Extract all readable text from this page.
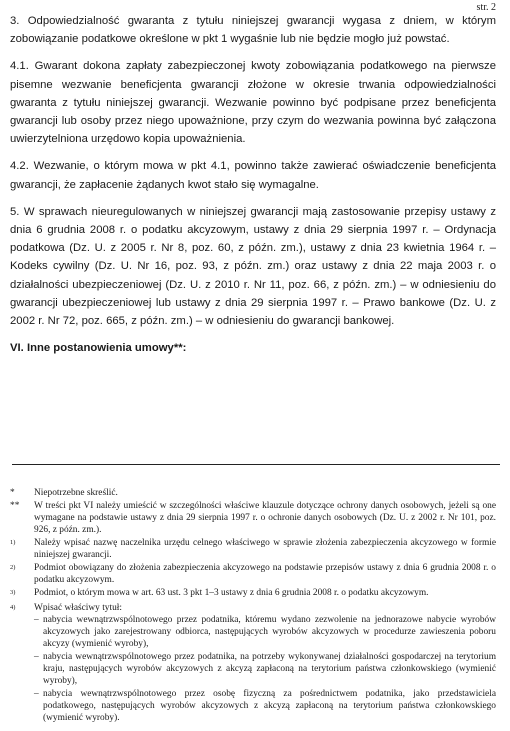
str. 2

3. Odpowiedzialność gwaranta z tytułu niniejszej gwarancji wygasa z dniem, w którym zobowiązanie podatkowe określone w pkt 1 wygaśnie lub nie będzie mogło już powstać.

4.1. Gwarant dokona zapłaty zabezpieczonej kwoty zobowiązania podatkowego na pierwsze pisemne wezwanie beneficjenta gwarancji złożone w okresie trwania odpowiedzialności gwaranta z tytułu niniejszej gwarancji. Wezwanie powinno być podpisane przez beneficjenta gwarancji lub osoby przez niego upoważnione, przy czym do wezwania powinna być załączona uwierzytelniona urzędowo kopia upoważnienia.

4.2. Wezwanie, o którym mowa w pkt 4.1, powinno także zawierać oświadczenie beneficjenta gwarancji, że zapłacenie żądanych kwot stało się wymagalne.

5. W sprawach nieuregulowanych w niniejszej gwarancji mają zastosowanie przepisy ustawy z dnia 6 grudnia 2008 r. o podatku akcyzowym, ustawy z dnia 29 sierpnia 1997 r. – Ordynacja podatkowa (Dz. U. z 2005 r. Nr 8, poz. 60, z późn. zm.), ustawy z dnia 23 kwietnia 1964 r. – Kodeks cywilny (Dz. U. Nr 16, poz. 93, z późn. zm.) oraz ustawy z dnia 22 maja 2003 r. o działalności ubezpieczeniowej (Dz. U. z 2010 r. Nr 11, poz. 66, z późn. zm.) – w odniesieniu do gwarancji ubezpieczeniowej lub ustawy z dnia 29 sierpnia 1997 r. – Prawo bankowe (Dz. U. z 2002 r. Nr 72, poz. 665, z późn. zm.) – w odniesieniu do gwarancji bankowej.

VI. Inne postanowienia umowy**:

*	Niepotrzebne skreślić.
**	W treści pkt VI należy umieścić w szczególności właściwe klauzule dotyczące ochrony danych osobowych, jeżeli są one wymagane na podstawie ustawy z dnia 29 sierpnia 1997 r. o ochronie danych osobowych (Dz. U. z 2002 r. Nr 101, poz. 926, z późn. zm.).
$^{1)}$	Należy wpisać nazwę naczelnika urzędu celnego właściwego w sprawie złożenia zabezpieczenia akcyzowego w formie niniejszej gwarancji.
$^{2)}$	Podmiot obowiązany do złożenia zabezpieczenia akcyzowego na podstawie przepisów ustawy z dnia 6 grudnia 2008 r. o podatku akcyzowym.
$^{3)}$	Podmiot, o którym mowa w art. 63 ust. 3 pkt 1–3 ustawy z dnia 6 grudnia 2008 r. o podatku akcyzowym.
$^{4)}$	Wpisać właściwy tytuł:
– nabycia wewnątrzwspólnotowego przez podatnika, któremu wydano zezwolenie na jednorazowe nabycie wyrobów akcyzowych jako zarejestrowany odbiorca, następujących wyrobów akcyzowych w procedurze zawieszenia poboru akcyzy (wymienić wyroby),
– nabycia wewnątrzwspólnotowego przez podatnika, na potrzeby wykonywanej działalności gospodarczej na terytorium kraju, następujących wyrobów akcyzowych z akcyzą zapłaconą na terytorium państwa członkowskiego (wymienić wyroby),
– nabycia wewnątrzwspólnotowego przez osobę fizyczną za pośrednictwem podatnika, jako przedstawiciela podatkowego, następujących wyrobów akcyzowych z akcyzą zapłaconą na terytorium państwa członkowskiego (wymienić wyroby).
